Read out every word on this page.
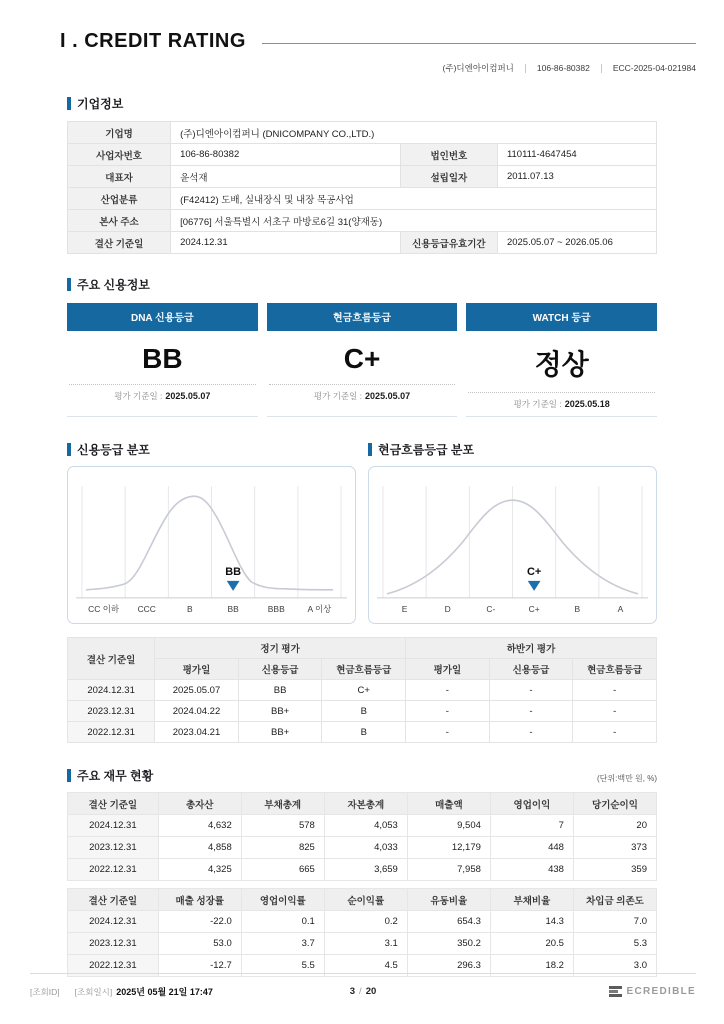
I . CREDIT RATING
(주)디엔아이컴퍼니	106-86-80382	ECC-2025-04-021984
기업정보
기업명	(주)디엔아이컴퍼니 (DNICOMPANY CO.,LTD.)		
사업자번호	106-86-80382	법인번호	110111-4647454
대표자	윤석재	설립일자	2011.07.13
산업분류	(F42412) 도배, 실내장식 및 내장 목공사업		
본사 주소	[06776] 서울특별시 서초구 마방로6길 31(양재동)		
결산 기준일	2024.12.31	신용등급유효기간	2025.05.07 ~ 2026.05.06
주요 신용정보
DNA 신용등급
BB
평가 기준일 : 2025.05.07
현금흐름등급
C+
평가 기준일 : 2025.05.07
WATCH 등급
정상
평가 기준일 : 2025.05.18
신용등급 분포	현금흐름등급 분포
BB
CC 이하 CCC	B	BB	BBB	A 이상
C+
E	D	C-	C+	B	A
결산 기준일	정기 평가			하반기 평가		
	평가일	신용등급	현금흐름등급	평가일	신용등급	현금흐름등급
2024.12.31	2025.05.07	BB	C+	-	-	-
2023.12.31	2024.04.22	BB+	B	-	-	-
2022.12.31	2023.04.21	BB+	B	-	-	-
주요 재무 현황	(단위:백만 원, %)
결산 기준일	총자산	부채총계	자본총계	매출액	영업이익	당기순이익
2024.12.31	4,632	578	4,053	9,504	7	20
2023.12.31	4,858	825	4,033	12,179	448	373
2022.12.31	4,325	665	3,659	7,958	438	359
결산 기준일	매출 성장률	영업이익률	순이익률	유동비율	부채비율	차입금 의존도
2024.12.31	-22.0	0.1	0.2	654.3	14.3	7.0
2023.12.31	53.0	3.7	3.1	350.2	20.5	5.3
2022.12.31	-12.7	5.5	4.5	296.3	18.2	3.0
[조회ID] [조회일시] 2025년 05월 21일 17:47	3 / 20	ECREDIBLE
